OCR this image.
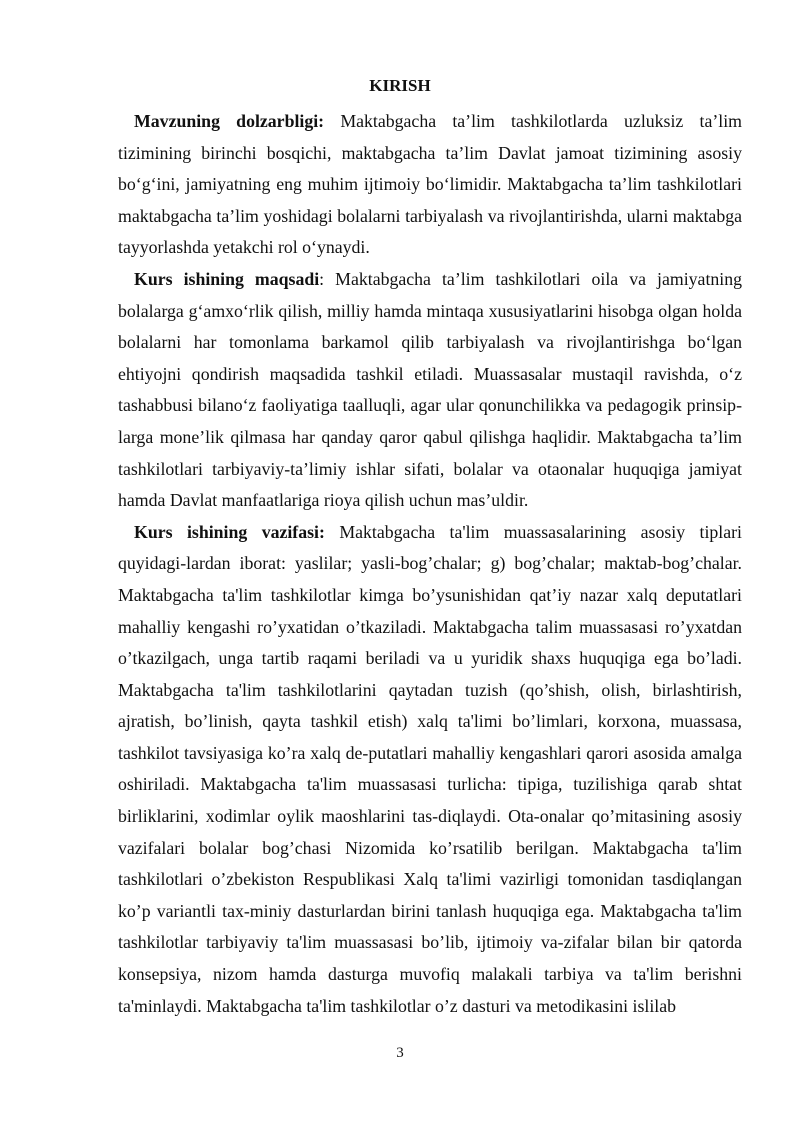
KIRISH

Mavzuning dolzarbligi: Maktabgacha ta’lim tashkilotlarda uzluksiz ta’lim tizimining birinchi bosqichi, maktabgacha ta’lim Davlat jamoat tizimining asosiy bo‘g‘ini, jamiyatning eng muhim ijtimoiy bo‘limidir. Maktabgacha ta’lim tashkilotlari maktabgacha ta’lim yoshidagi bolalarni tarbiyalash va rivojlantirishda, ularni maktabga tayyorlashda yetakchi rol o‘ynaydi.

Kurs ishining maqsadi: Maktabgacha ta’lim tashkilotlari oila va jamiyatning bolalarga g‘amxo‘rlik qilish, milliy hamda mintaqa xususiyatlarini hisobga olgan holda bolalarni har tomonlama barkamol qilib tarbiyalash va rivojlantirishga bo‘lgan ehtiyojni qondirish maqsadida tashkil etiladi. Muassasalar mustaqil ravishda, o‘z tashabbusi bilano‘z faoliyatiga taalluqli, agar ular qonunchilikka va pedagogik prinsip-larga mone’lik qilmasa har qanday qaror qabul qilishga haqlidir. Maktabgacha ta’lim tashkilotlari tarbiyaviy-ta’limiy ishlar sifati, bolalar va otaonalar huquqiga jamiyat hamda Davlat manfaatlariga rioya qilish uchun mas’uldir.

Kurs ishining vazifasi: Maktabgacha ta'lim muassasalarining asosiy tiplari quyidagi-lardan iborat: yaslilar; yasli-bog’chalar; g) bog’chalar; maktab-bog’chalar. Maktabgacha ta'lim tashkilotlar kimga bo’ysunishidan qat’iy nazar xalq deputatlari mahalliy kengashi ro’yxatidan o’tkaziladi. Maktabgacha talim muassasasi ro’yxatdan o’tkazilgach, unga tartib raqami beriladi va u yuridik shaxs huquqiga ega bo’ladi. Maktabgacha ta'lim tashkilotlarini qaytadan tuzish (qo’shish, olish, birlashtirish, ajratish, bo’linish, qayta tashkil etish) xalq ta'limi bo’limlari, korxona, muassasa, tashkilot tavsiyasiga ko’ra xalq de-putatlari mahalliy kengashlari qarori asosida amalga oshiriladi. Maktabgacha ta'lim muassasasi turlicha: tipiga, tuzilishiga qarab shtat birliklarini, xodimlar oylik maoshlarini tas-diqlaydi. Ota-onalar qo’mitasining asosiy vazifalari bolalar bog’chasi Nizomida ko’rsatilib berilgan. Maktabgacha ta'lim tashkilotlari o’zbekiston Respublikasi Xalq ta'limi vazirligi tomonidan tasdiqlangan ko’p variantli tax-miniy dasturlardan birini tanlash huquqiga ega. Maktabgacha ta'lim tashkilotlar tarbiyaviy ta'lim muassasasi bo’lib, ijtimoiy va-zifalar bilan bir qatorda konsepsiya, nizom hamda dasturga muvofiq malakali tarbiya va ta'lim berishni ta'minlaydi. Maktabgacha ta'lim tashkilotlar o’z dasturi va metodikasini islilab

3
